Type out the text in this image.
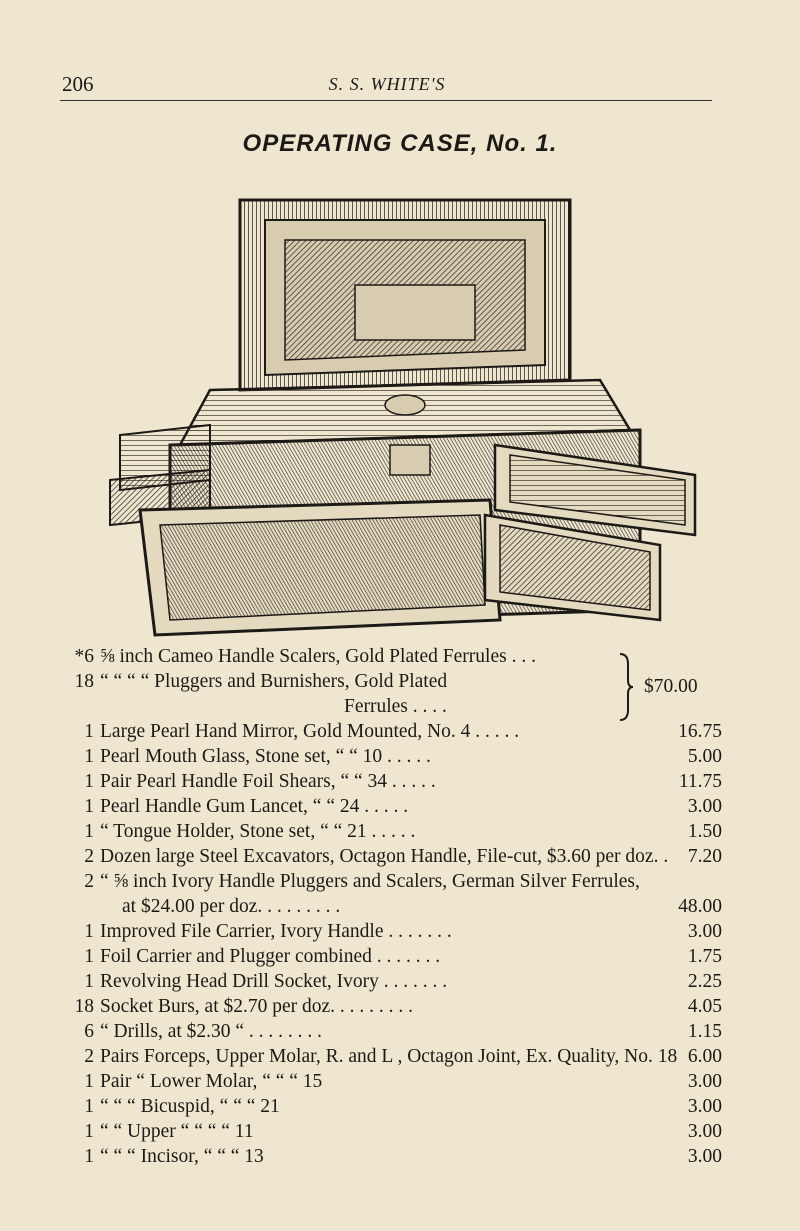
206	S. S. WHITE'S
OPERATING CASE, No. 1.
*6 ⅝ inch Cameo Handle Scalers, Gold Plated Ferrules . . .
18 “ “ “ “ Pluggers and Burnishers, Gold Plated
Ferrules . . . .
$70.00
1 Large Pearl Hand Mirror, Gold Mounted, No. 4 . . . . .	16.75
1 Pearl Mouth Glass, Stone set, “ “ 10 . . . . .	5.00
1 Pair Pearl Handle Foil Shears, “ “ 34 . . . . .	11.75
1 Pearl Handle Gum Lancet, “ “ 24 . . . . .	3.00
1 “ Tongue Holder, Stone set, “ “ 21 . . . . .	1.50
2 Dozen large Steel Excavators, Octagon Handle, File-cut, $3.60 per doz. .	7.20
2 “ ⅝ inch Ivory Handle Pluggers and Scalers, German Silver Ferrules,
at $24.00 per doz. . . . . . . . .	48.00
1 Improved File Carrier, Ivory Handle . . . . . . .	3.00
1 Foil Carrier and Plugger combined . . . . . . .	1.75
1 Revolving Head Drill Socket, Ivory . . . . . . .	2.25
18 Socket Burs, at $2.70 per doz. . . . . . . . .	4.05
6 “ Drills, at $2.30 “ . . . . . . . .	1.15
2 Pairs Forceps, Upper Molar, R. and L , Octagon Joint, Ex. Quality, No. 18 6.00
1 Pair “ Lower Molar, “ “ “ 15	3.00
1 “ “ “ Bicuspid, “ “ “ 21	3.00
1 “ “ Upper “ “ “ “ 11	3.00
1 “ “ “ Incisor, “ “ “ 13	3.00
